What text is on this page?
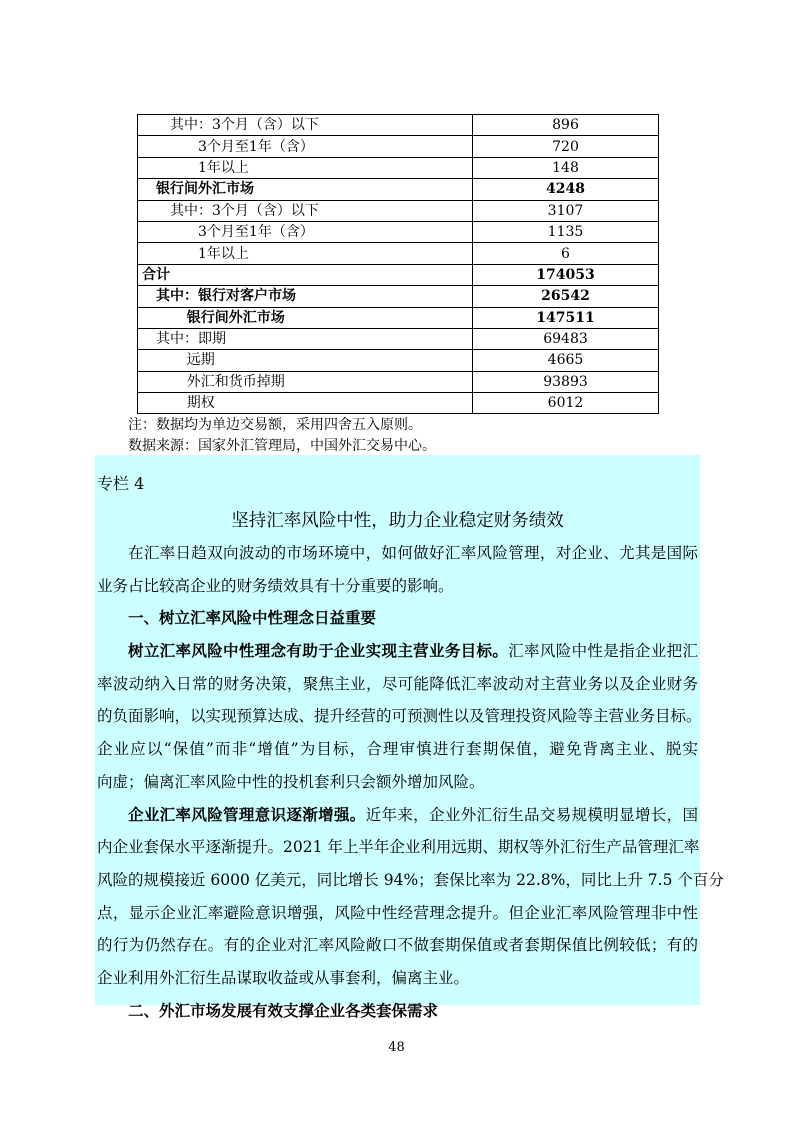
其中：3个月（含）以下	896
3个月至1年（含）	720
1年以上	148
银行间外汇市场	4248
其中：3个月（含）以下	3107
3个月至1年（含）	1135
1年以上	6
合计	174053
其中：银行对客户市场	26542
银行间外汇市场	147511
其中：即期	69483
远期	4665
外汇和货币掉期	93893
期权	6012
注：数据均为单边交易额，采用四舍五入原则。
数据来源：国家外汇管理局，中国外汇交易中心。
专栏 4
坚持汇率风险中性，助力企业稳定财务绩效
在汇率日趋双向波动的市场环境中，如何做好汇率风险管理，对企业、尤其是国际
业务占比较高企业的财务绩效具有十分重要的影响。
一、树立汇率风险中性理念日益重要
树立汇率风险中性理念有助于企业实现主营业务目标。汇率风险中性是指企业把汇
率波动纳入日常的财务决策，聚焦主业，尽可能降低汇率波动对主营业务以及企业财务
的负面影响，以实现预算达成、提升经营的可预测性以及管理投资风险等主营业务目标。
企业应以“保值”而非“增值”为目标，合理审慎进行套期保值，避免背离主业、脱实
向虚；偏离汇率风险中性的投机套利只会额外增加风险。
企业汇率风险管理意识逐渐增强。近年来，企业外汇衍生品交易规模明显增长，国
内企业套保水平逐渐提升。2021 年上半年企业利用远期、期权等外汇衍生产品管理汇率
风险的规模接近 6000 亿美元，同比增长 94%；套保比率为 22.8%，同比上升 7.5 个百分
点，显示企业汇率避险意识增强，风险中性经营理念提升。但企业汇率风险管理非中性
的行为仍然存在。有的企业对汇率风险敞口不做套期保值或者套期保值比例较低；有的
企业利用外汇衍生品谋取收益或从事套利，偏离主业。
二、外汇市场发展有效支撑企业各类套保需求
48
